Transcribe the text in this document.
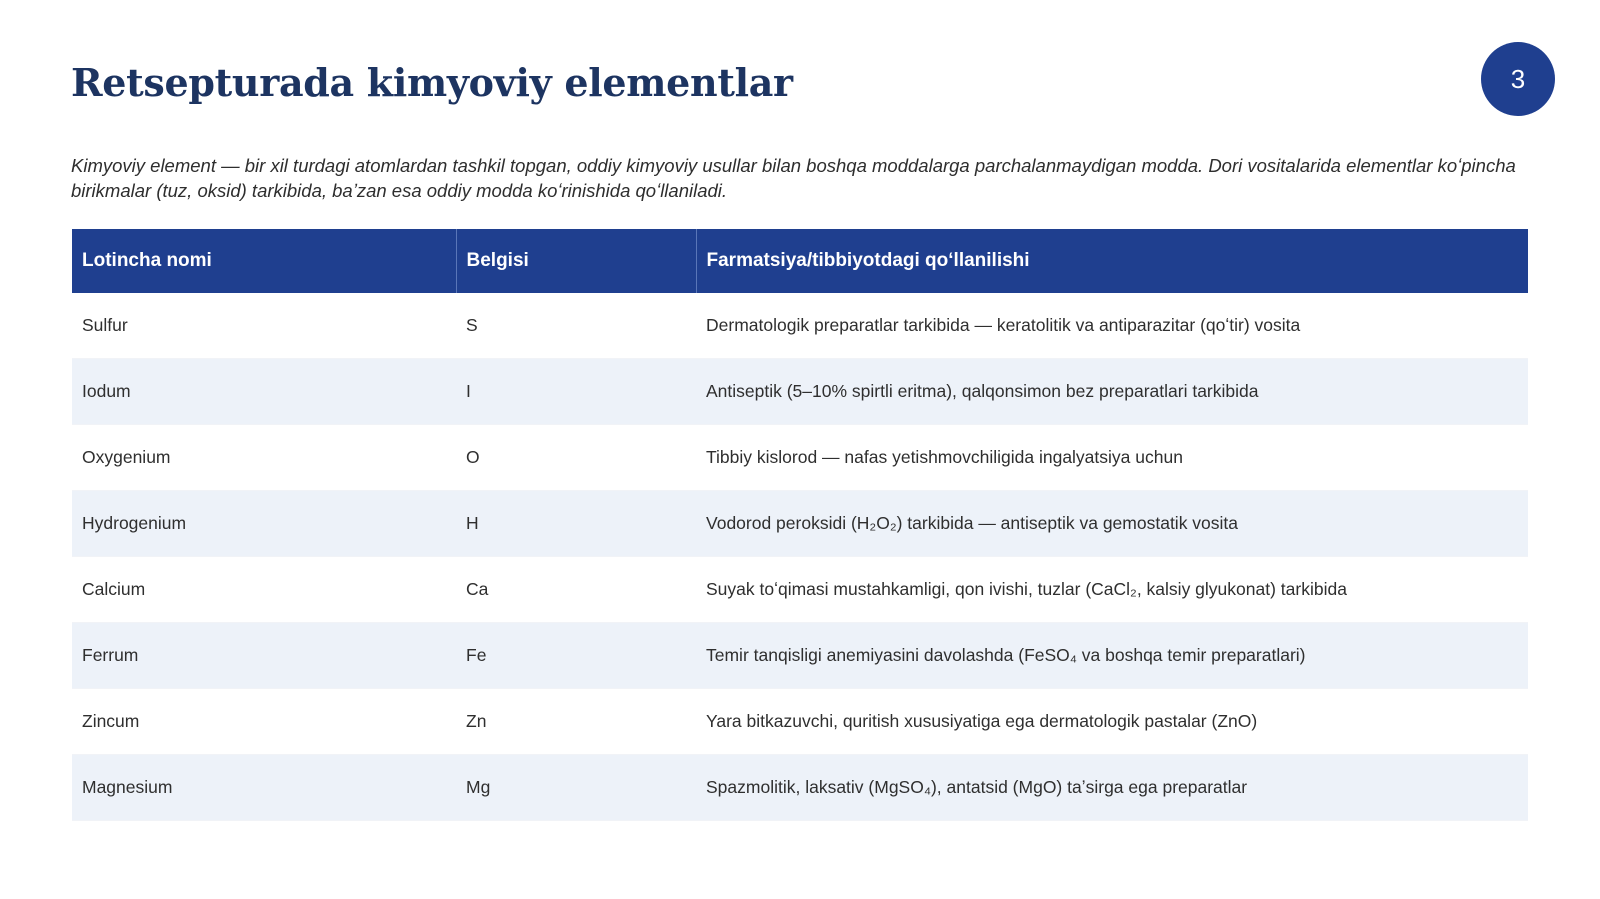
Retsepturada kimyoviy elementlar	3

Kimyoviy element — bir xil turdagi atomlardan tashkil topgan, oddiy kimyoviy usullar bilan boshqa moddalarga parchalanmaydigan modda. Dori vositalarida elementlar koʻpincha birikmalar (tuz, oksid) tarkibida, baʼzan esa oddiy modda koʻrinishida qoʻllaniladi.

Lotincha nomi	Belgisi	Farmatsiya/tibbiyotdagi qoʻllanilishi
Sulfur	S	Dermatologik preparatlar tarkibida — keratolitik va antiparazitar (qoʻtir) vosita
Iodum	I	Antiseptik (5–10% spirtli eritma), qalqonsimon bez preparatlari tarkibida
Oxygenium	O	Tibbiy kislorod — nafas yetishmovchiligida ingalyatsiya uchun
Hydrogenium	H	Vodorod peroksidi (H₂O₂) tarkibida — antiseptik va gemostatik vosita
Calcium	Ca	Suyak toʻqimasi mustahkamligi, qon ivishi, tuzlar (CaCl₂, kalsiy glyukonat) tarkibida
Ferrum	Fe	Temir tanqisligi anemiyasini davolashda (FeSO₄ va boshqa temir preparatlari)
Zincum	Zn	Yara bitkazuvchi, quritish xususiyatiga ega dermatologik pastalar (ZnO)
Magnesium	Mg	Spazmolitik, laksativ (MgSO₄), antatsid (MgO) taʼsirga ega preparatlar
